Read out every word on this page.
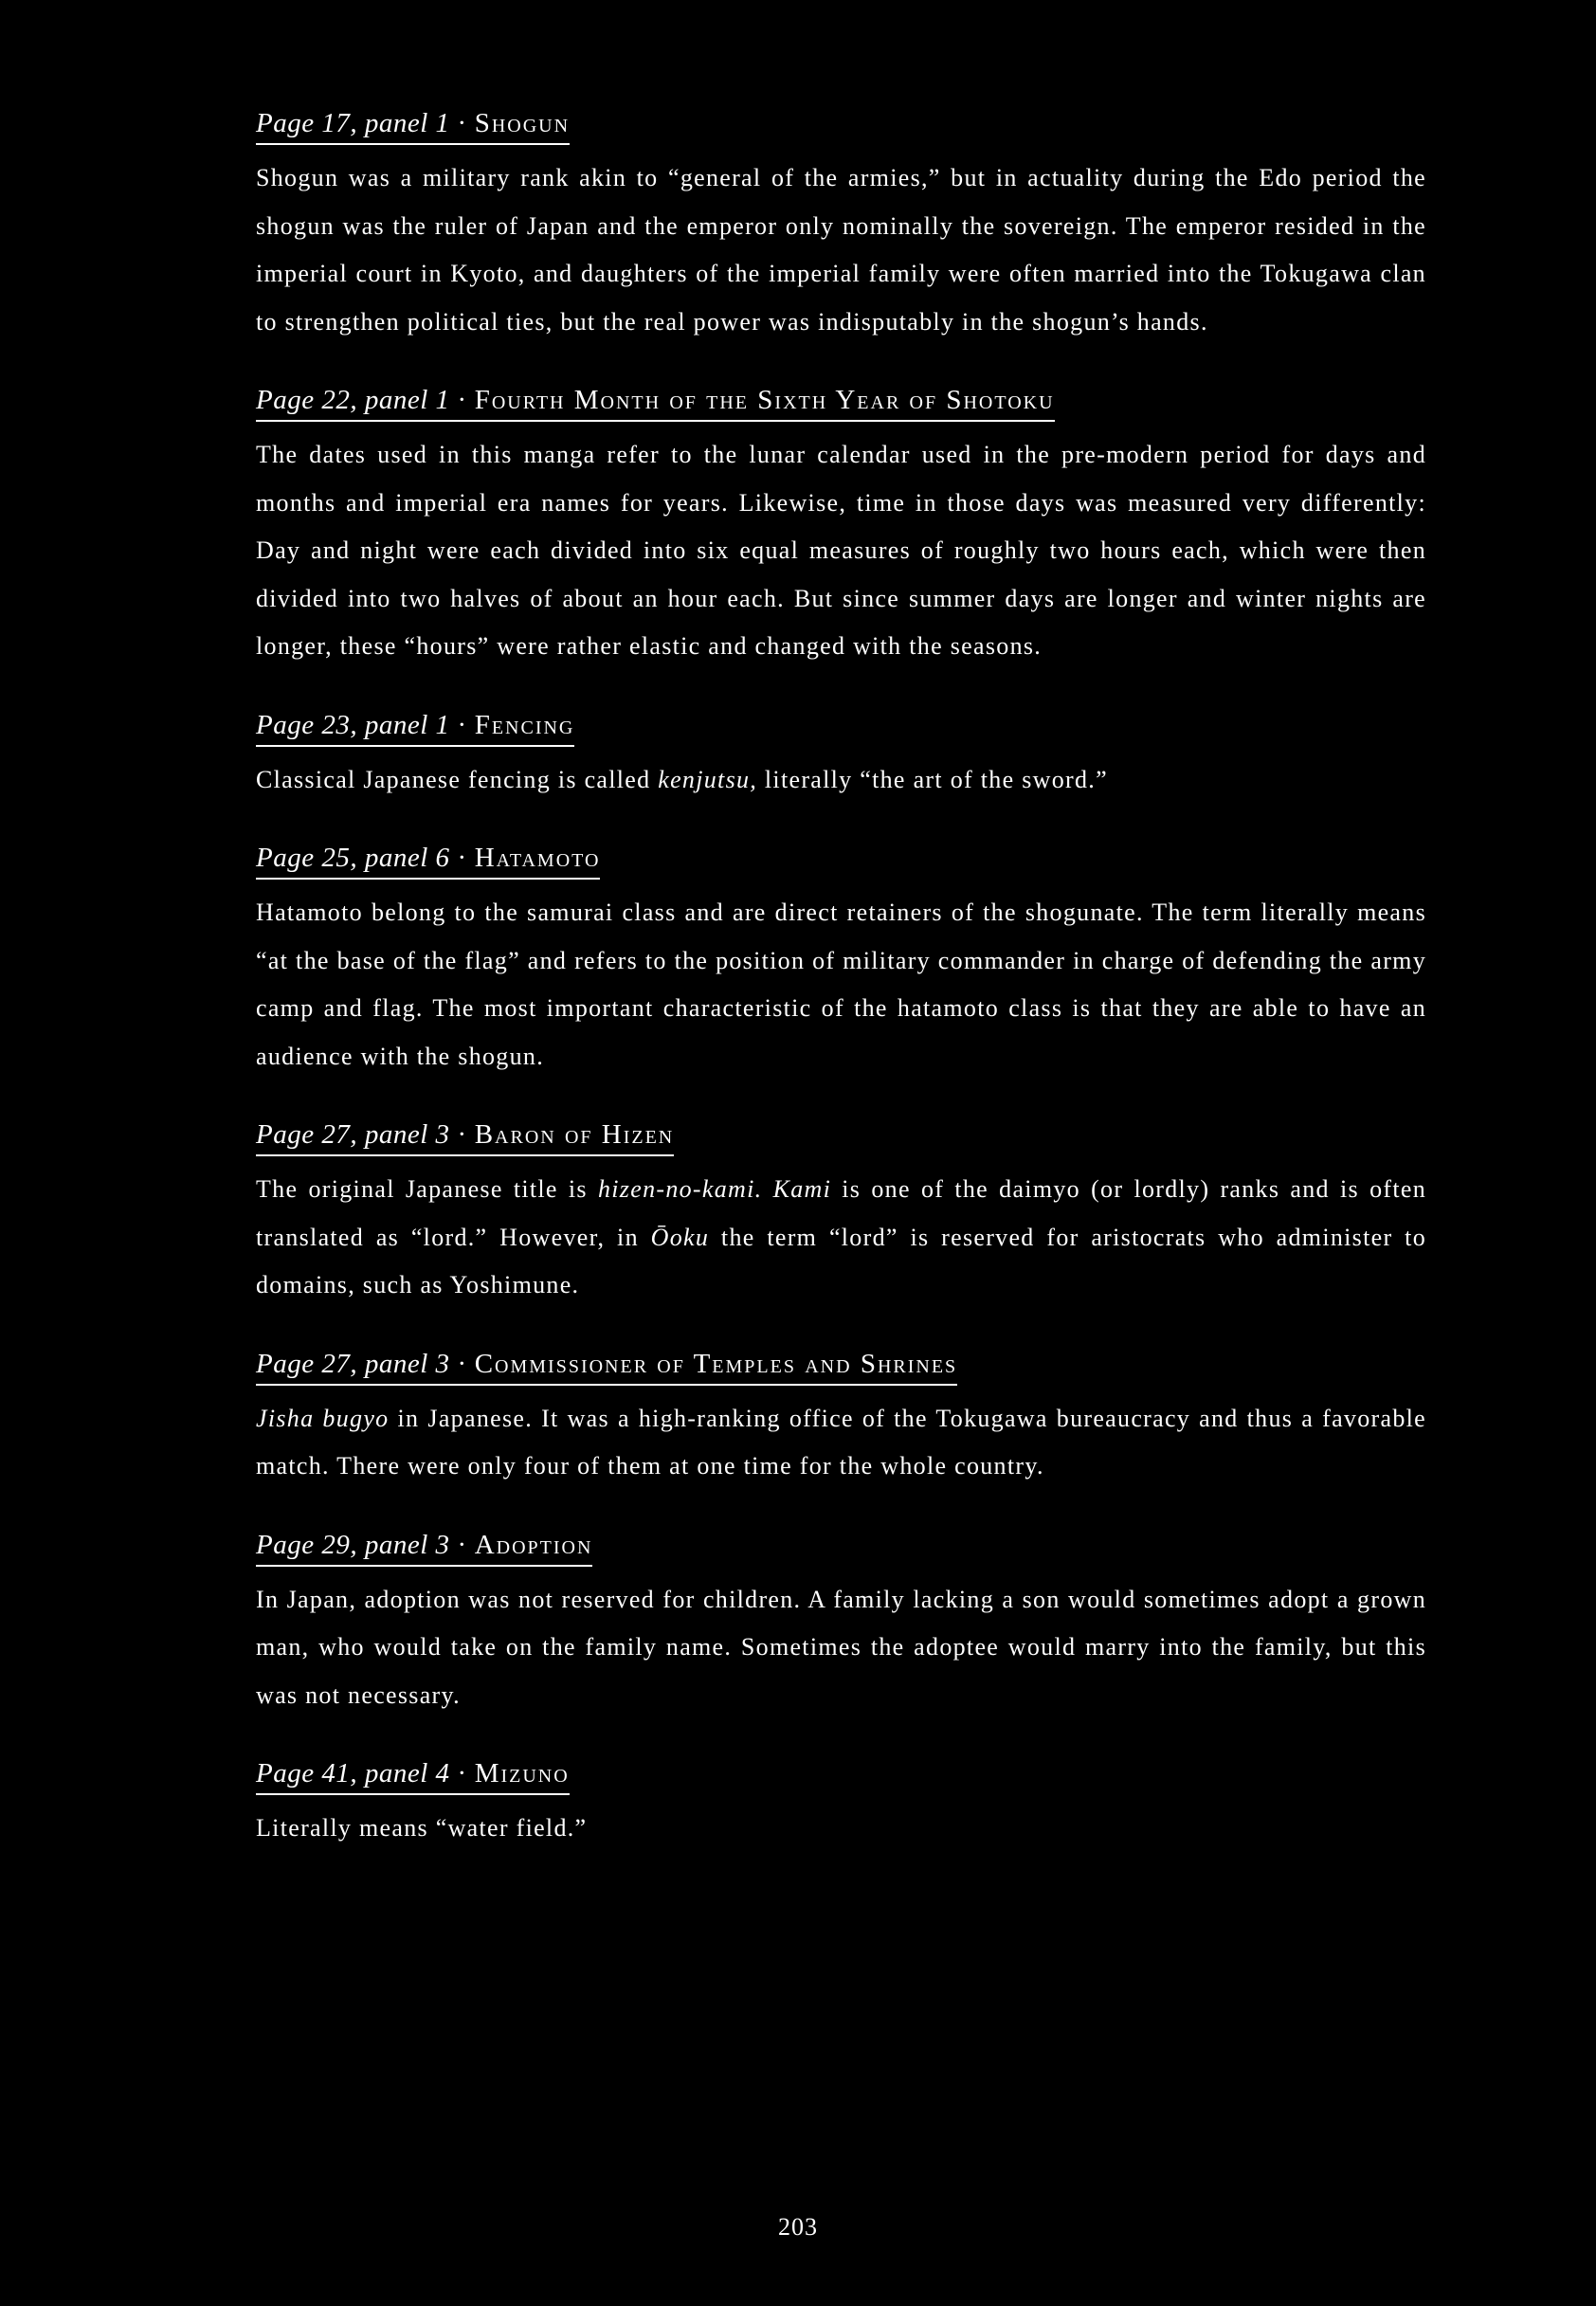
Page 17, panel 1 · Shogun

Shogun was a military rank akin to “general of the armies,” but in actuality during the Edo period the shogun was the ruler of Japan and the emperor only nominally the sovereign. The emperor resided in the imperial court in Kyoto, and daughters of the imperial family were often married into the Tokugawa clan to strengthen political ties, but the real power was indisputably in the shogun’s hands.

Page 22, panel 1 · Fourth Month of the Sixth Year of Shotoku

The dates used in this manga refer to the lunar calendar used in the pre-modern period for days and months and imperial era names for years. Likewise, time in those days was measured very differently: Day and night were each divided into six equal measures of roughly two hours each, which were then divided into two halves of about an hour each. But since summer days are longer and winter nights are longer, these “hours” were rather elastic and changed with the seasons.

Page 23, panel 1 · Fencing

Classical Japanese fencing is called kenjutsu, literally “the art of the sword.”

Page 25, panel 6 · Hatamoto

Hatamoto belong to the samurai class and are direct retainers of the shogunate. The term literally means “at the base of the flag” and refers to the position of military commander in charge of defending the army camp and flag. The most important characteristic of the hatamoto class is that they are able to have an audience with the shogun.

Page 27, panel 3 · Baron of Hizen

The original Japanese title is hizen-no-kami. Kami is one of the daimyo (or lordly) ranks and is often translated as “lord.” However, in Ōoku the term “lord” is reserved for aristocrats who administer to domains, such as Yoshimune.

Page 27, panel 3 · Commissioner of Temples and Shrines

Jisha bugyo in Japanese. It was a high-ranking office of the Tokugawa bureaucracy and thus a favorable match. There were only four of them at one time for the whole country.

Page 29, panel 3 · Adoption

In Japan, adoption was not reserved for children. A family lacking a son would sometimes adopt a grown man, who would take on the family name. Sometimes the adoptee would marry into the family, but this was not necessary.

Page 41, panel 4 · Mizuno

Literally means “water field.”

203
